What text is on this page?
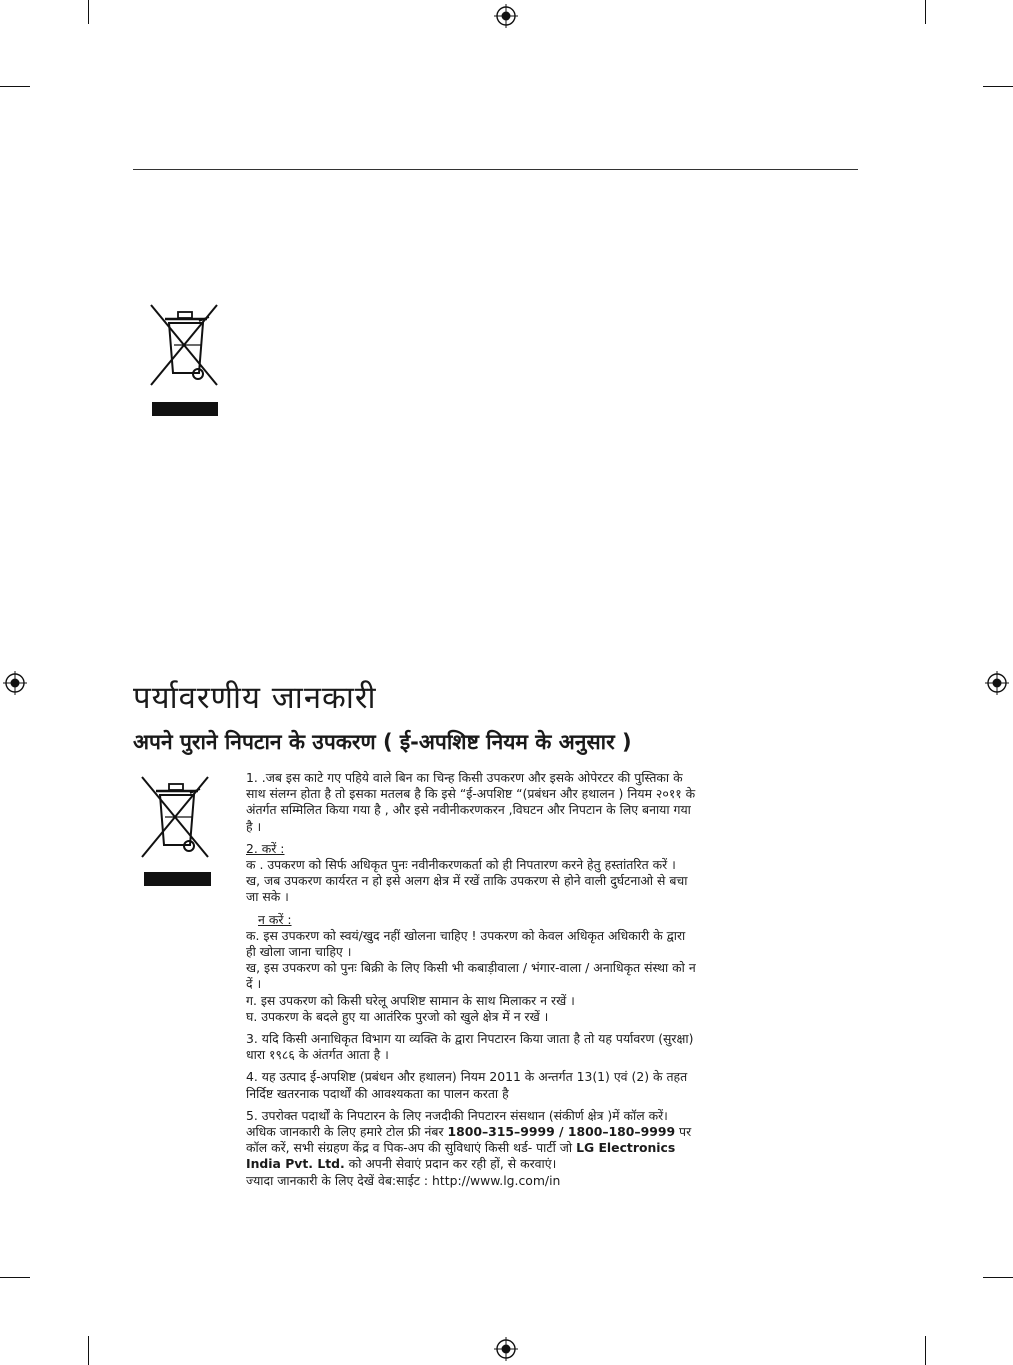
पर्यावरणीय जानकारी
अपने पुराने निपटान के उपकरण ( ई-अपशिष्ट नियम के अनुसार )

1. .जब इस काटे गए पहिये वाले बिन का चिन्ह किसी उपकरण और इसके ओपेरटर की पुस्तिका के साथ संलग्न होता है तो इसका मतलब है कि इसे “ई-अपशिष्ट “(प्रबंधन और हथालन ) नियम २०११ के अंतर्गत सम्मिलित किया गया है , और इसे नवीनीकरणकरन ,विघटन और निपटान के लिए बनाया गया है ।

2. करें :

क . उपकरण को सिर्फ अधिकृत पुनः नवीनीकरणकर्ता को ही निपतारण करने हेतु हस्तांतरित करें ।

ख, जब उपकरण कार्यरत न हो इसे अलग क्षेत्र में रखें ताकि उपकरण से होने वाली दुर्घटनाओ से बचा जा सके ।

न करें :

क. इस उपकरण को स्वयं/खुद नहीं खोलना चाहिए ! उपकरण को केवल अधिकृत अधिकारी के द्वारा ही खोला जाना चाहिए ।

ख, इस उपकरण को पुनः बिक्री के लिए किसी भी कबाड़ीवाला / भंगार-वाला / अनाधिकृत संस्था को न दें ।

ग. इस उपकरण को किसी घरेलू अपशिष्ट सामान के साथ मिलाकर न रखें ।

घ. उपकरण के बदले हुए या आतंरिक पुरजो को खुले क्षेत्र में न रखें ।

3. यदि किसी अनाधिकृत विभाग या व्यक्ति के द्वारा निपटारन किया जाता है तो यह पर्यावरण (सुरक्षा) धारा १९८६ के अंतर्गत आता है ।

4. यह उत्पाद ई-अपशिष्ट (प्रबंधन और हथालन) नियम 2011 के अन्तर्गत 13(1) एवं (2) के तहत निर्दिष्ट खतरनाक पदार्थों की आवश्यकता का पालन करता है

5. उपरोक्त पदार्थों के निपटारन के लिए नजदीकी निपटारन संसथान (संकीर्ण क्षेत्र )में कॉल करें। अधिक जानकारी के लिए हमारे टोल फ्री नंबर 1800–315–9999 / 1800–180–9999 पर कॉल करें, सभी संग्रहण केंद्र व पिक-अप की सुविधाएं किसी थर्ड- पार्टी जो LG Electronics India Pvt. Ltd. को अपनी सेवाएं प्रदान कर रही हों, से करवाएं।

ज्यादा जानकारी के लिए देखें वेब:साईट : http://www.lg.com/in
